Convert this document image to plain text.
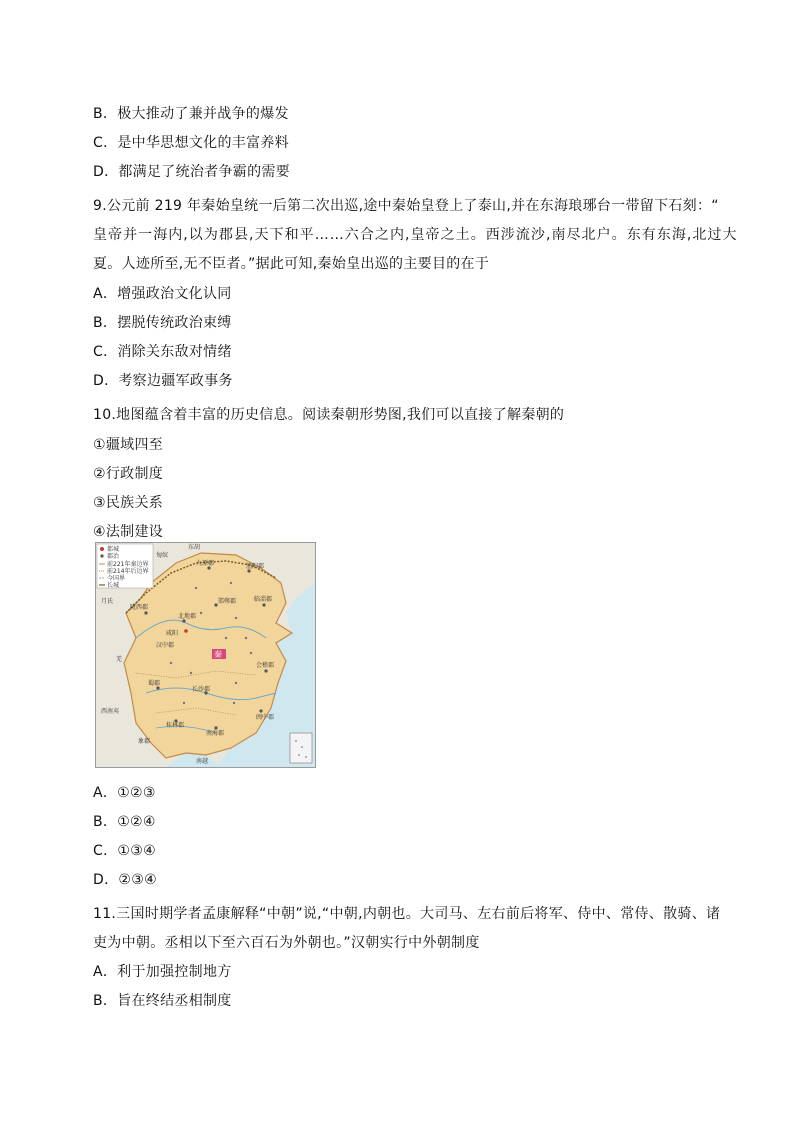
B．极大推动了兼并战争的爆发
C．是中华思想文化的丰富养料
D．都满足了统治者争霸的需要
9.公元前 219 年秦始皇统一后第二次出巡,途中秦始皇登上了泰山,并在东海琅琊台一带留下石刻：“
皇帝并一海内,以为郡县,天下和平……六合之内,皇帝之土。西涉流沙,南尽北户。东有东海,北过大
夏。人迹所至,无不臣者。”据此可知,秦始皇出巡的主要目的在于
A．增强政治文化认同
B．摆脱传统政治束缚
C．消除关东敌对情绪
D．考察边疆军政事务
10.地图蕴含着丰富的历史信息。阅读秦朝形势图,我们可以直接了解秦朝的
①疆域四至
②行政制度
③民族关系
④法制建设
都城
郡治
前221年秦边界
前214年后边界
今国界
长城
东胡
匈奴
月氏
羌
西南夷
南越
九原郡	渔阳郡
邯郸郡	临淄郡
陇西郡
北地郡
咸阳
汉中郡
秦
蜀郡
长沙郡
会稽郡
闽中郡
桂林郡
南海郡
象郡
A．①②③
B．①②④
C．①③④
D．②③④
11.三国时期学者孟康解释“中朝”说,“中朝,内朝也。大司马、左右前后将军、侍中、常侍、散骑、诸
吏为中朝。丞相以下至六百石为外朝也。”汉朝实行中外朝制度
A．利于加强控制地方
B．旨在终结丞相制度
